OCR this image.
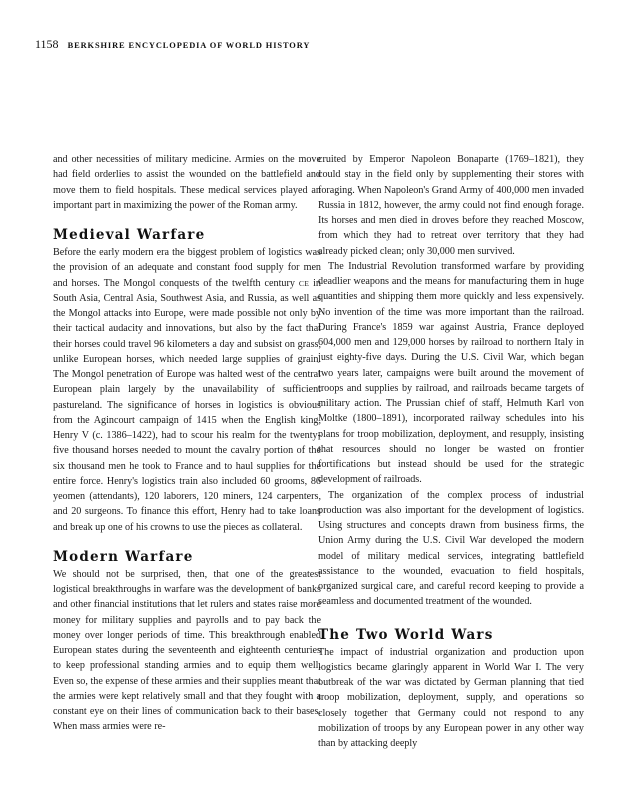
1158 BERKSHIRE ENCYCLOPEDIA OF WORLD HISTORY

and other necessities of military medicine. Armies on the move had field orderlies to assist the wounded on the battlefield and move them to field hospitals. These medical services played an important part in maximizing the power of the Roman army.

Medieval Warfare

Before the early modern era the biggest problem of logistics was the provision of an adequate and constant food supply for men and horses. The Mongol conquests of the twelfth century CE in South Asia, Central Asia, Southwest Asia, and Russia, as well as the Mongol attacks into Europe, were made possible not only by their tactical audacity and innovations, but also by the fact that their horses could travel 96 kilometers a day and subsist on grass, unlike European horses, which needed large supplies of grain. The Mongol penetration of Europe was halted west of the central European plain largely by the unavailability of sufficient pastureland. The significance of horses in logistics is obvious from the Agincourt campaign of 1415 when the English king, Henry V (c. 1386–1422), had to scour his realm for the twenty-five thousand horses needed to mount the cavalry portion of the six thousand men he took to France and to haul supplies for the entire force. Henry's logistics train also included 60 grooms, 86 yeomen (attendants), 120 laborers, 120 miners, 124 carpenters, and 20 surgeons. To finance this effort, Henry had to take loans and break up one of his crowns to use the pieces as collateral.

Modern Warfare

We should not be surprised, then, that one of the greatest logistical breakthroughs in warfare was the development of banks and other financial institutions that let rulers and states raise more money for military supplies and payrolls and to pay back the money over longer periods of time. This breakthrough enabled European states during the seventeenth and eighteenth centuries to keep professional standing armies and to equip them well. Even so, the expense of these armies and their supplies meant that the armies were kept relatively small and that they fought with a constant eye on their lines of communication back to their bases. When mass armies were re-

cruited by Emperor Napoleon Bonaparte (1769–1821), they could stay in the field only by supplementing their stores with foraging. When Napoleon's Grand Army of 400,000 men invaded Russia in 1812, however, the army could not find enough forage. Its horses and men died in droves before they reached Moscow, from which they had to retreat over territory that they had already picked clean; only 30,000 men survived.

The Industrial Revolution transformed warfare by providing deadlier weapons and the means for manufacturing them in huge quantities and shipping them more quickly and less expensively. No invention of the time was more important than the railroad. During France's 1859 war against Austria, France deployed 604,000 men and 129,000 horses by railroad to northern Italy in just eighty-five days. During the U.S. Civil War, which began two years later, campaigns were built around the movement of troops and supplies by railroad, and railroads became targets of military action. The Prussian chief of staff, Helmuth Karl von Moltke (1800–1891), incorporated railway schedules into his plans for troop mobilization, deployment, and resupply, insisting that resources should no longer be wasted on frontier fortifications but instead should be used for the strategic development of railroads.

The organization of the complex process of industrial production was also important for the development of logistics. Using structures and concepts drawn from business firms, the Union Army during the U.S. Civil War developed the modern model of military medical services, integrating battlefield assistance to the wounded, evacuation to field hospitals, organized surgical care, and careful record keeping to provide a seamless and documented treatment of the wounded.

The Two World Wars

The impact of industrial organization and production upon logistics became glaringly apparent in World War I. The very outbreak of the war was dictated by German planning that tied troop mobilization, deployment, supply, and operations so closely together that Germany could not respond to any mobilization of troops by any European power in any other way than by attacking deeply
